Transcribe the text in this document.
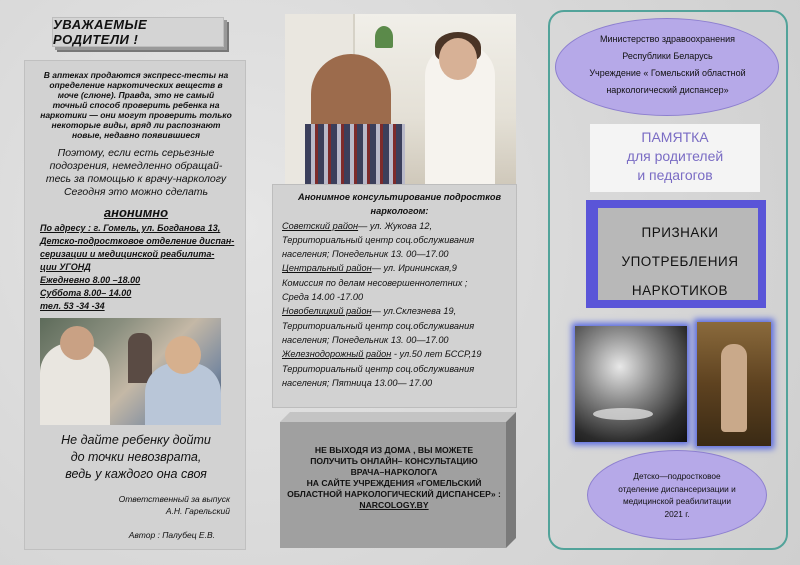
УВАЖАЕМЫЕ РОДИТЕЛИ !
В аптеках продаются экспресс-тесты на определение наркотических веществ в моче (слюне). Правда, это не самый точный способ проверить ребенка на наркотики — они могут проверить только некоторые виды, вряд ли распознают новые, недавно появившиеся
Поэтому, если есть серьезные
подозрения, немедленно обращай-
тесь за помощью к врачу-наркологу
Сегодня это можно сделать
анонимно
По адресу : г. Гомель, ул. Богданова 13,
Детско-подростковое отделение диспан-
серизации и медицинской реабилита-
ции УГОНД
Ежедневно 8.00 –18.00
Суббота 8.00– 14.00
тел. 53 -34 -34
Не дайте ребенку дойти
до точки невозврата,
ведь у каждого она своя
Ответственный за выпуск
А.Н. Гарельский
Автор : Палубец Е.В.
Анонимное консультирование подростков
наркологом:
Советский район— ул. Жукова 12,
Территориальный центр соц.обслуживания
населения; Понедельник 13. 00—17.00
Центральный район— ул. Ирининская,9
Комиссия по делам несовершеннолетних ;
Среда 14.00 -17.00
Новобелицкий район— ул.Склезнева 19,
Территориальный центр соц.обслуживания
населения; Понедельник 13. 00—17.00
Железнодорожный район - ул.50 лет БССР,19
Территориальный центр соц.обслуживания
населения; Пятница 13.00— 17.00
НЕ ВЫХОДЯ ИЗ ДОМА , ВЫ МОЖЕТЕ
ПОЛУЧИТЬ ОНЛАЙН– КОНСУЛЬТАЦИЮ
ВРАЧА–НАРКОЛОГА
НА САЙТЕ УЧРЕЖДЕНИЯ «ГОМЕЛЬСКИЙ
ОБЛАСТНОЙ НАРКОЛОГИЧЕСКИЙ ДИСПАНСЕР» :
NARCOLOGY.BY
Министерство здравоохранения
Республики Беларусь
Учреждение « Гомельский областной
наркологический диспансер»
ПАМЯТКА
для родителей
и педагогов
ПРИЗНАКИ
УПОТРЕБЛЕНИЯ
НАРКОТИКОВ
Детско—подростковое
отделение диспансеризации и
медицинской реабилитации
2021 г.
